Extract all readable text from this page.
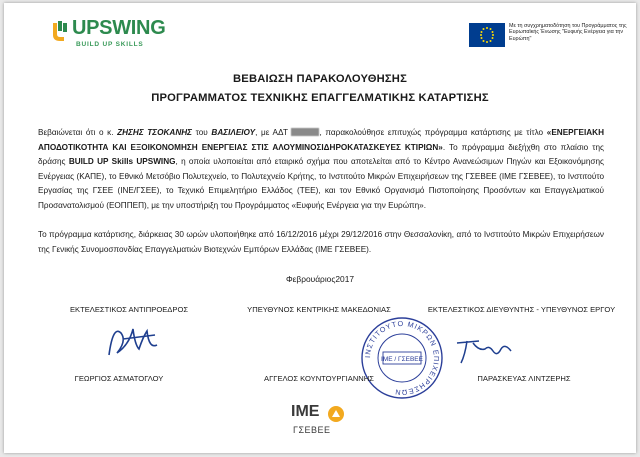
UPSWING
BUILD UP SKILLS
Με τη συγχρηματοδότηση του Προγράμματος της Ευρωπαϊκής Ένωσης "Ευφυής Ενέργεια για την Ευρώπη"
ΒΕΒΑΙΩΣΗ ΠΑΡΑΚΟΛΟΥΘΗΣΗΣ
ΠΡΟΓΡΑΜΜΑΤΟΣ ΤΕΧΝΙΚΗΣ ΕΠΑΓΓΕΛΜΑΤΙΚΗΣ ΚΑΤΑΡΤΙΣΗΣ
Βεβαιώνεται ότι ο κ. ΖΗΣΗΣ ΤΣΟΚΑΝΗΣ του ΒΑΣΙΛΕΙΟΥ, με ΑΔΤ	, παρακολούθησε επιτυχώς πρόγραμμα κατάρτισης με τίτλο «ΕΝΕΡΓΕΙΑΚΗ ΑΠΟΔΟΤΙΚΟΤΗΤΑ ΚΑΙ ΕΞΟΙΚΟΝΟΜΗΣΗ ΕΝΕΡΓΕΙΑΣ ΣΤΙΣ ΑΛΟΥΜΙΝΟΣΙΔΗΡΟΚΑΤΑΣΚΕΥΕΣ ΚΤΙΡΙΩΝ». Το πρόγραμμα διεξήχθη στο πλαίσιο της δράσης BUILD UP Skills UPSWING, η οποία υλοποιείται από εταιρικό σχήμα που αποτελείται από το Κέντρο Ανανεώσιμων Πηγών και Εξοικονόμησης Ενέργειας (ΚΑΠΕ), το Εθνικό Μετσόβιο Πολυτεχνείο, το Πολυτεχνείο Κρήτης, το Ινστιτούτο Μικρών Επιχειρήσεων της ΓΣΕΒΕΕ (ΙΜΕ ΓΣΕΒΕΕ), το Ινστιτούτο Εργασίας της ΓΣΕΕ (ΙΝΕ/ΓΣΕΕ), το Τεχνικό Επιμελητήριο Ελλάδος (ΤΕΕ), και τον Εθνικό Οργανισμό Πιστοποίησης Προσόντων και Επαγγελματικού Προσανατολισμού (ΕΟΠΠΕΠ), με την υποστήριξη του Προγράμματος «Ευφυής Ενέργεια για την Ευρώπη».
Το πρόγραμμα κατάρτισης, διάρκειας 30 ωρών υλοποιήθηκε από 16/12/2016 μέχρι 29/12/2016 στην Θεσσαλονίκη, από το Ινστιτούτο Μικρών Επιχειρήσεων της Γενικής Συνομοσπονδίας Επαγγελματιών Βιοτεχνών Εμπόρων Ελλάδας (ΙΜΕ ΓΣΕΒΕΕ).
Φεβρουάριος2017
ΕΚΤΕΛΕΣΤΙΚΟΣ ΑΝΤΙΠΡΟΕΔΡΟΣ	ΥΠΕΥΘΥΝΟΣ ΚΕΝΤΡΙΚΗΣ ΜΑΚΕΔΟΝΙΑΣ	ΕΚΤΕΛΕΣΤΙΚΟΣ ΔΙΕΥΘΥΝΤΗΣ - ΥΠΕΥΘΥΝΟΣ ΕΡΓΟΥ
ΙΝΣΤΙΤΟΥΤΟ ΜΙΚΡΩΝ ΕΠΙΧΕΙΡΗΣΕΩΝ
ΙΜΕ / ΓΣΕΒΕΕ
ΓΕΩΡΓΙΟΣ ΑΣΜΑΤΟΓΛΟΥ	ΑΓΓΕΛΟΣ ΚΟΥΝΤΟΥΡΓΙΑΝΝΗΣ	ΠΑΡΑΣΚΕΥΑΣ ΛΙΝΤΖΕΡΗΣ
ΙΜΕ
ΓΣΕΒΕΕ
